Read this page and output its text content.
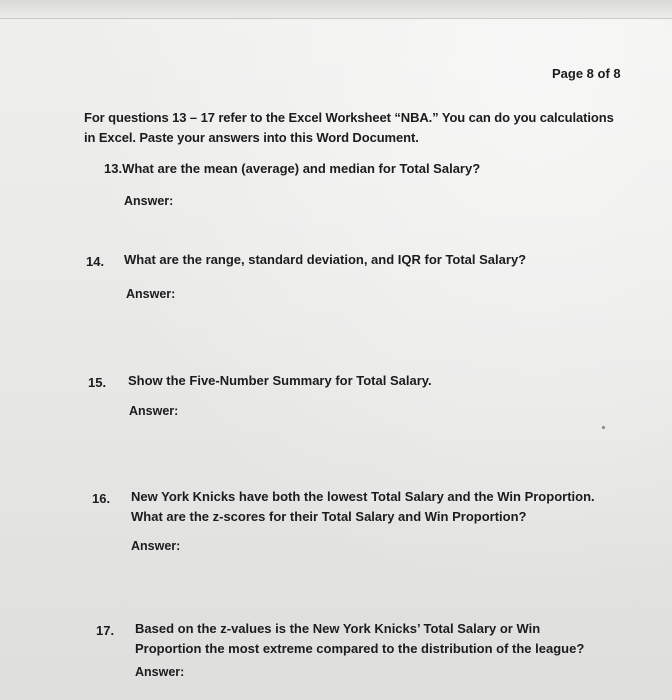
Page 8 of 8
For questions 13 – 17 refer to the Excel Worksheet “NBA.” You can do you calculations in Excel. Paste your answers into this Word Document.
13.What are the mean (average) and median for Total Salary?
Answer:
14. What are the range, standard deviation, and IQR for Total Salary?
Answer:
15. Show the Five-Number Summary for Total Salary.
Answer:
16. New York Knicks have both the lowest Total Salary and the Win Proportion. What are the z-scores for their Total Salary and Win Proportion?
Answer:
17. Based on the z-values is the New York Knicks’ Total Salary or Win Proportion the most extreme compared to the distribution of the league?
Answer:
